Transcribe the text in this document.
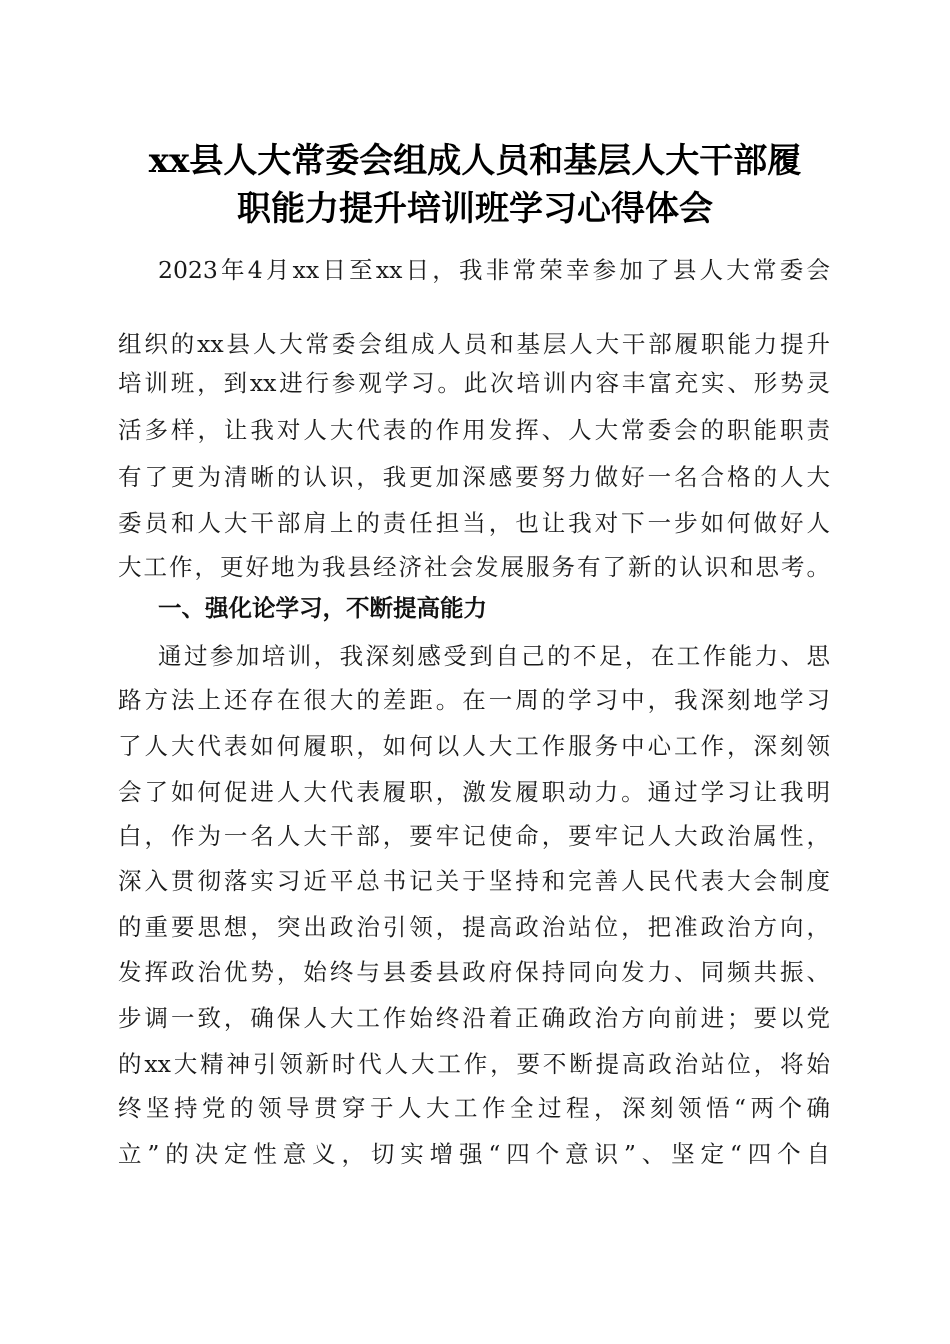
xx县人大常委会组成人员和基层人大干部履
职能力提升培训班学习心得体会
2023年4月xx日至xx日，我非常荣幸参加了县人大常委会
组织的xx县人大常委会组成人员和基层人大干部履职能力提升
培训班，到xx进行参观学习。此次培训内容丰富充实、形势灵
活多样，让我对人大代表的作用发挥、人大常委会的职能职责
有了更为清晰的认识，我更加深感要努力做好一名合格的人大
委员和人大干部肩上的责任担当，也让我对下一步如何做好人
大工作，更好地为我县经济社会发展服务有了新的认识和思考。
一、强化论学习，不断提高能力
通过参加培训，我深刻感受到自己的不足，在工作能力、思
路方法上还存在很大的差距。在一周的学习中，我深刻地学习
了人大代表如何履职，如何以人大工作服务中心工作，深刻领
会了如何促进人大代表履职，激发履职动力。通过学习让我明
白，作为一名人大干部，要牢记使命，要牢记人大政治属性，
深入贯彻落实习近平总书记关于坚持和完善人民代表大会制度
的重要思想，突出政治引领，提高政治站位，把准政治方向，
发挥政治优势，始终与县委县政府保持同向发力、同频共振、
步调一致，确保人大工作始终沿着正确政治方向前进；要以党
的xx大精神引领新时代人大工作，要不断提高政治站位，将始
终坚持党的领导贯穿于人大工作全过程，深刻领悟“两个确
立”的决定性意义，切实增强“四个意识”、坚定“四个自
